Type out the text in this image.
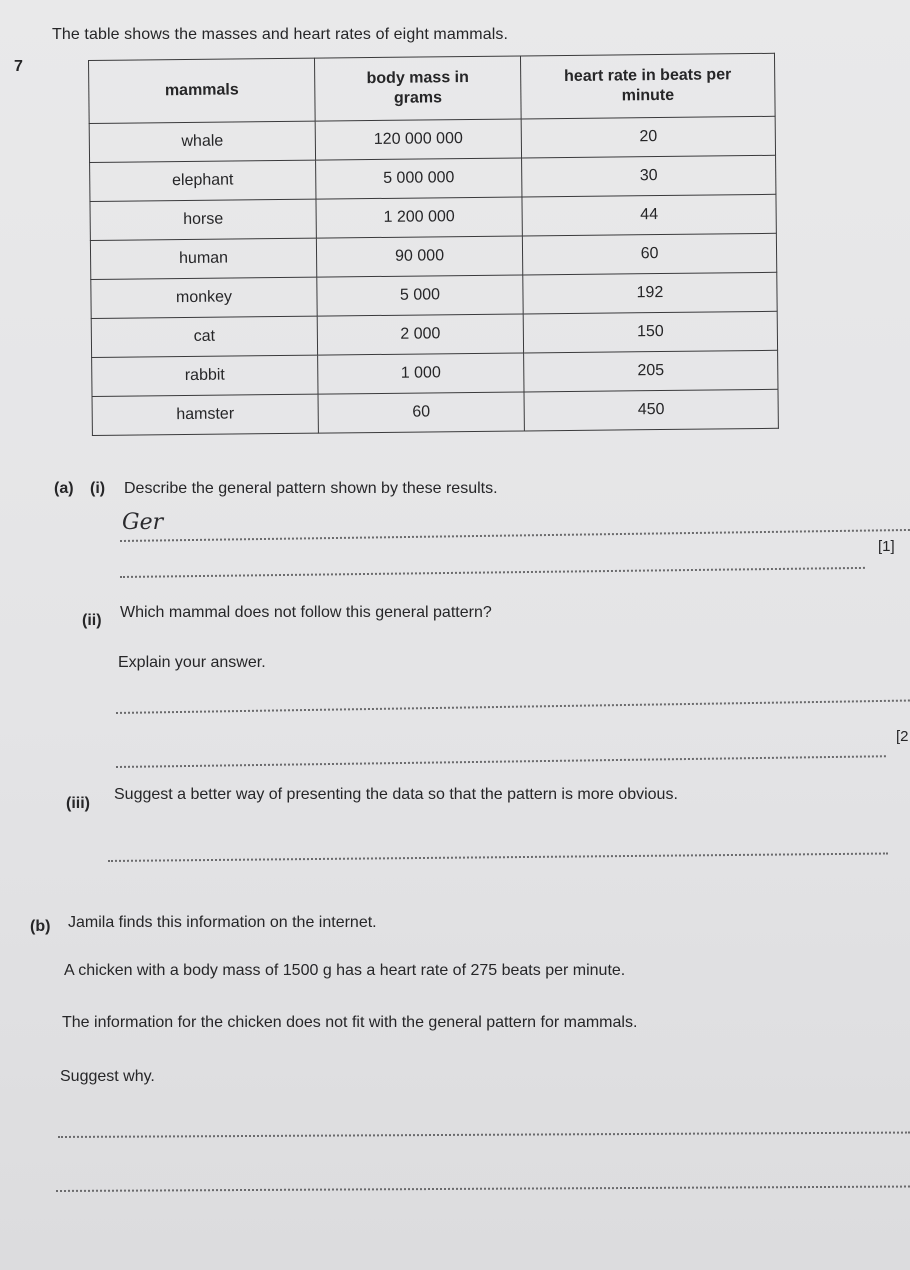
The table shows the masses and heart rates of eight mammals.
7
mammals	body mass in grams	heart rate in beats per minute
whale	120 000 000	20
elephant	5 000 000	30
horse	1 200 000	44
human	90 000	60
monkey	5 000	192
cat	2 000	150
rabbit	1 000	205
hamster	60	450
(a) (i) Describe the general pattern shown by these results.
Ger
[1]
(ii) Which mammal does not follow this general pattern?
Explain your answer.
[2
(iii)
Suggest a better way of presenting the data so that the pattern is more obvious.
(b) Jamila finds this information on the internet.
A chicken with a body mass of 1500 g has a heart rate of 275 beats per minute.
The information for the chicken does not fit with the general pattern for mammals.
Suggest why.
